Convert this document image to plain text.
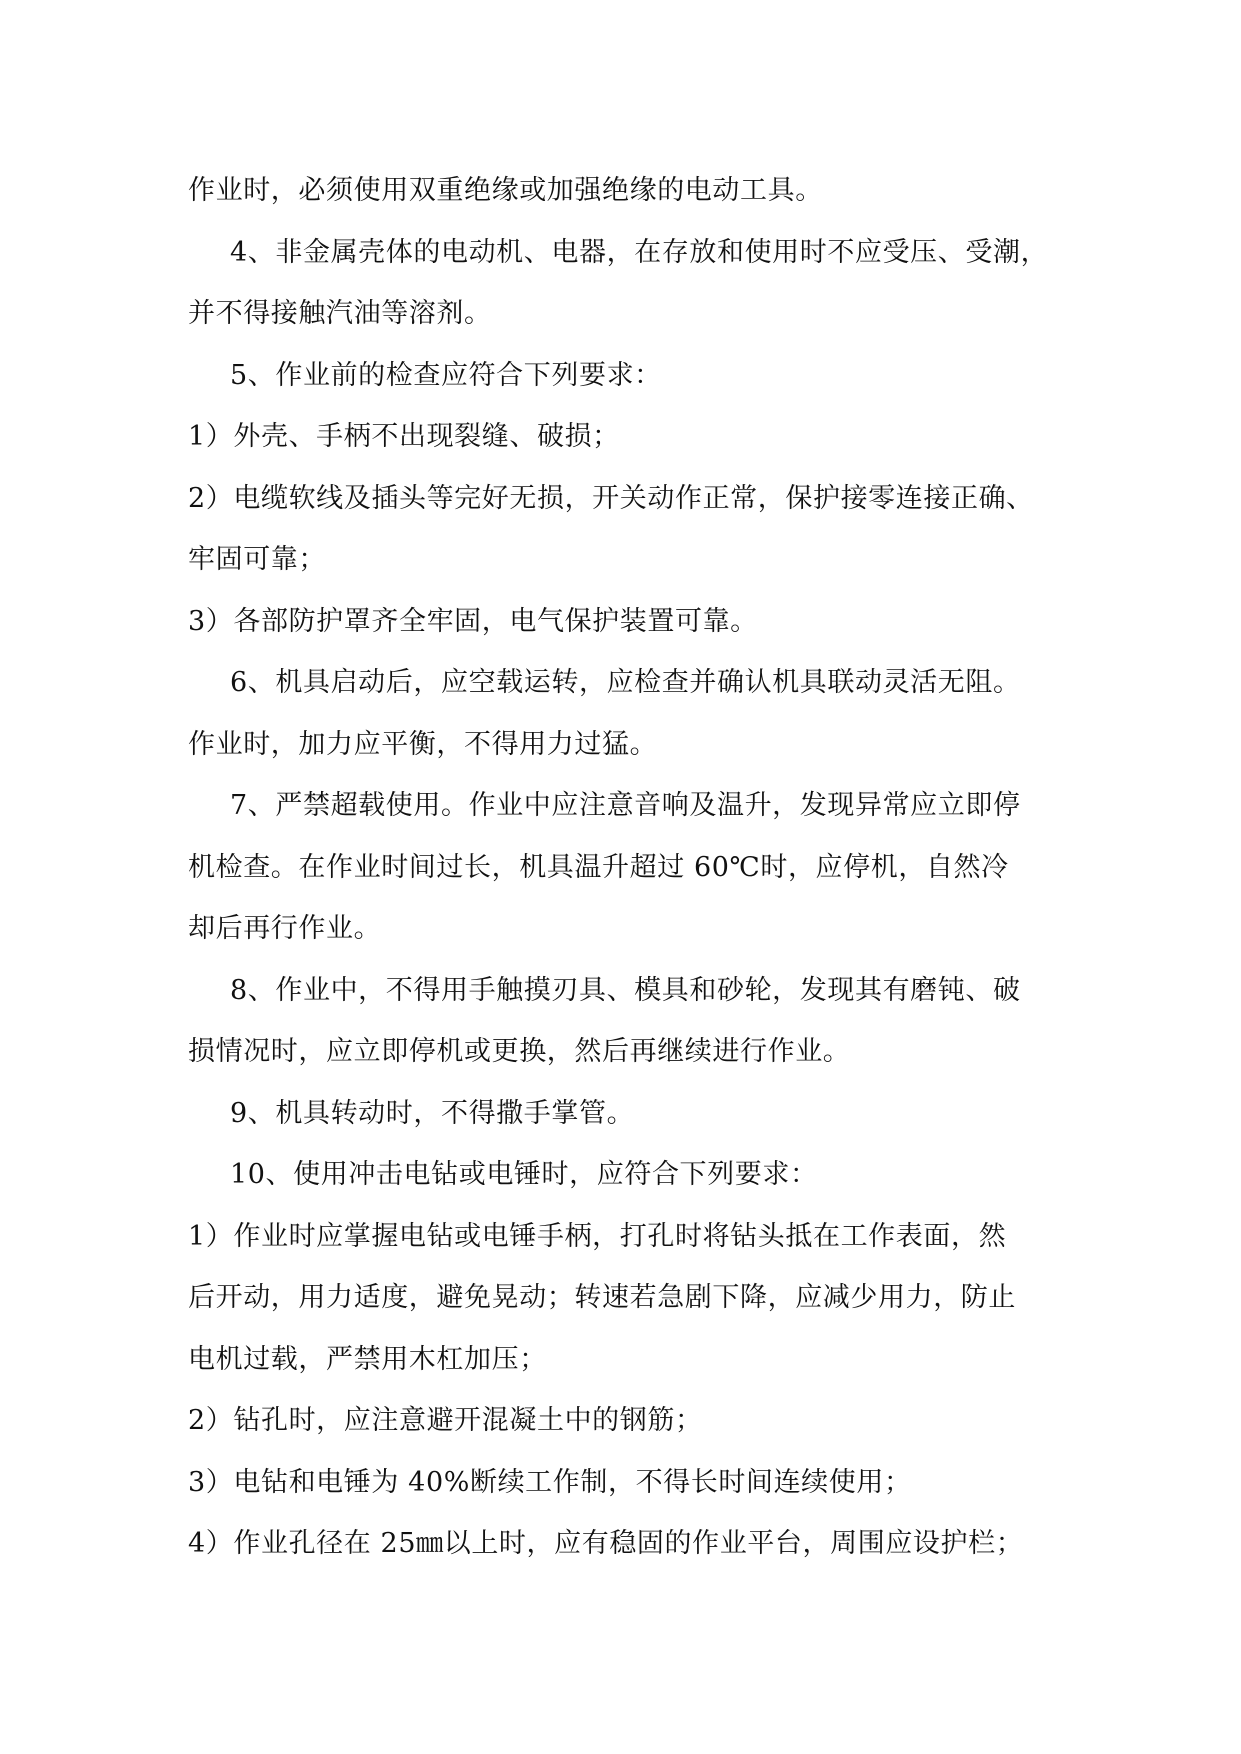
作业时，必须使用双重绝缘或加强绝缘的电动工具。
4、非金属壳体的电动机、电器，在存放和使用时不应受压、受潮，
并不得接触汽油等溶剂。
5、作业前的检查应符合下列要求：
1）外壳、手柄不出现裂缝、破损；
2）电缆软线及插头等完好无损，开关动作正常，保护接零连接正确、
牢固可靠；
3）各部防护罩齐全牢固，电气保护装置可靠。
6、机具启动后，应空载运转，应检查并确认机具联动灵活无阻。
作业时，加力应平衡，不得用力过猛。
7、严禁超载使用。作业中应注意音响及温升，发现异常应立即停
机检查。在作业时间过长，机具温升超过 60℃时，应停机，自然冷
却后再行作业。
8、作业中，不得用手触摸刃具、模具和砂轮，发现其有磨钝、破
损情况时，应立即停机或更换，然后再继续进行作业。
9、机具转动时，不得撒手掌管。
10、使用冲击电钻或电锤时，应符合下列要求：
1）作业时应掌握电钻或电锤手柄，打孔时将钻头抵在工作表面，然
后开动，用力适度，避免晃动；转速若急剧下降，应减少用力，防止
电机过载，严禁用木杠加压；
2）钻孔时，应注意避开混凝土中的钢筋；
3）电钻和电锤为 40%断续工作制，不得长时间连续使用；
4）作业孔径在 25㎜以上时，应有稳固的作业平台，周围应设护栏；
